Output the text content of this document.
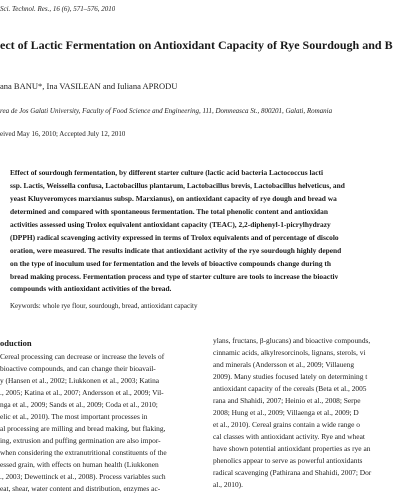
Sci. Technol. Res., 16 (6), 571–576, 2010
ect of Lactic Fermentation on Antioxidant Capacity of Rye Sourdough and B
ana BANU*, Ina VASILEAN and Iuliana APRODU
rea de Jos Galati University, Faculty of Food Science and Engineering, 111, Domneasca St., 800201, Galati, Romania
eived May 16, 2010; Accepted July 12, 2010
Effect of sourdough fermentation, by different starter culture (lactic acid bacteria Lactococcus lacti
ssp. Lactis, Weissella confusa, Lactobacillus plantarum, Lactobacillus brevis, Lactobacillus helveticus, and
yeast Kluyveromyces marxianus subsp. Marxianus), on antioxidant capacity of rye dough and bread wa
determined and compared with spontaneous fermentation. The total phenolic content and antioxidan
activities assessed using Trolox equivalent antioxidant capacity (TEAC), 2,2-diphenyl-1-picrylhydrazy
(DPPH) radical scavenging activity expressed in terms of Trolox equivalents and of percentage of discolo
oration, were measured. The results indicate that antioxidant activity of the rye sourdough highly depend
on the type of inoculum used for fermentation and the levels of bioactive compounds change during th
bread making process. Fermentation process and type of starter culture are tools to increase the bioactiv
compounds with antioxidant activities of the bread.
Keywords: whole rye flour, sourdough, bread, antioxidant capacity
oduction
Cereal processing can decrease or increase the levels of
bioactive compounds, and can change their bioavail-
y (Hansen et al., 2002; Liukkonen et al., 2003; Katina
., 2005; Katina et al., 2007; Andersson et al., 2009; Vil-
nga et al., 2009; Sands et al., 2009; Coda et al., 2010;
elic et al., 2010). The most important processes in
al processing are milling and bread making, but flaking,
ing, extrusion and puffing germination are also impor-
when considering the extranutritional constituents of the
essed grain, with effects on human health (Liukkonen
., 2003; Dewettinck et al., 2008). Process variables such
eat, shear, water content and distribution, enzymes ac-
ylans, fructans, β-glucans) and bioactive compounds,
cinnamic acids, alkylresorcinols, lignans, sterols, vi
and minerals (Andersson et al., 2009; Villaueng
2009). Many studies focused lately on determining t
antioxidant capacity of the cereals (Beta et al., 2005
rana and Shahidi, 2007; Heinio et al., 2008; Serpe
2008; Hung et al., 2009; Villaenga et al., 2009; D
et al., 2010). Cereal grains contain a wide range o
cal classes with antioxidant activity. Rye and wheat
have shown potential antioxidant properties as rye an
phenolics appear to serve as powerful antioxidants
radical scavenging (Pathirana and Shahidi, 2007; Dor
al., 2010).
